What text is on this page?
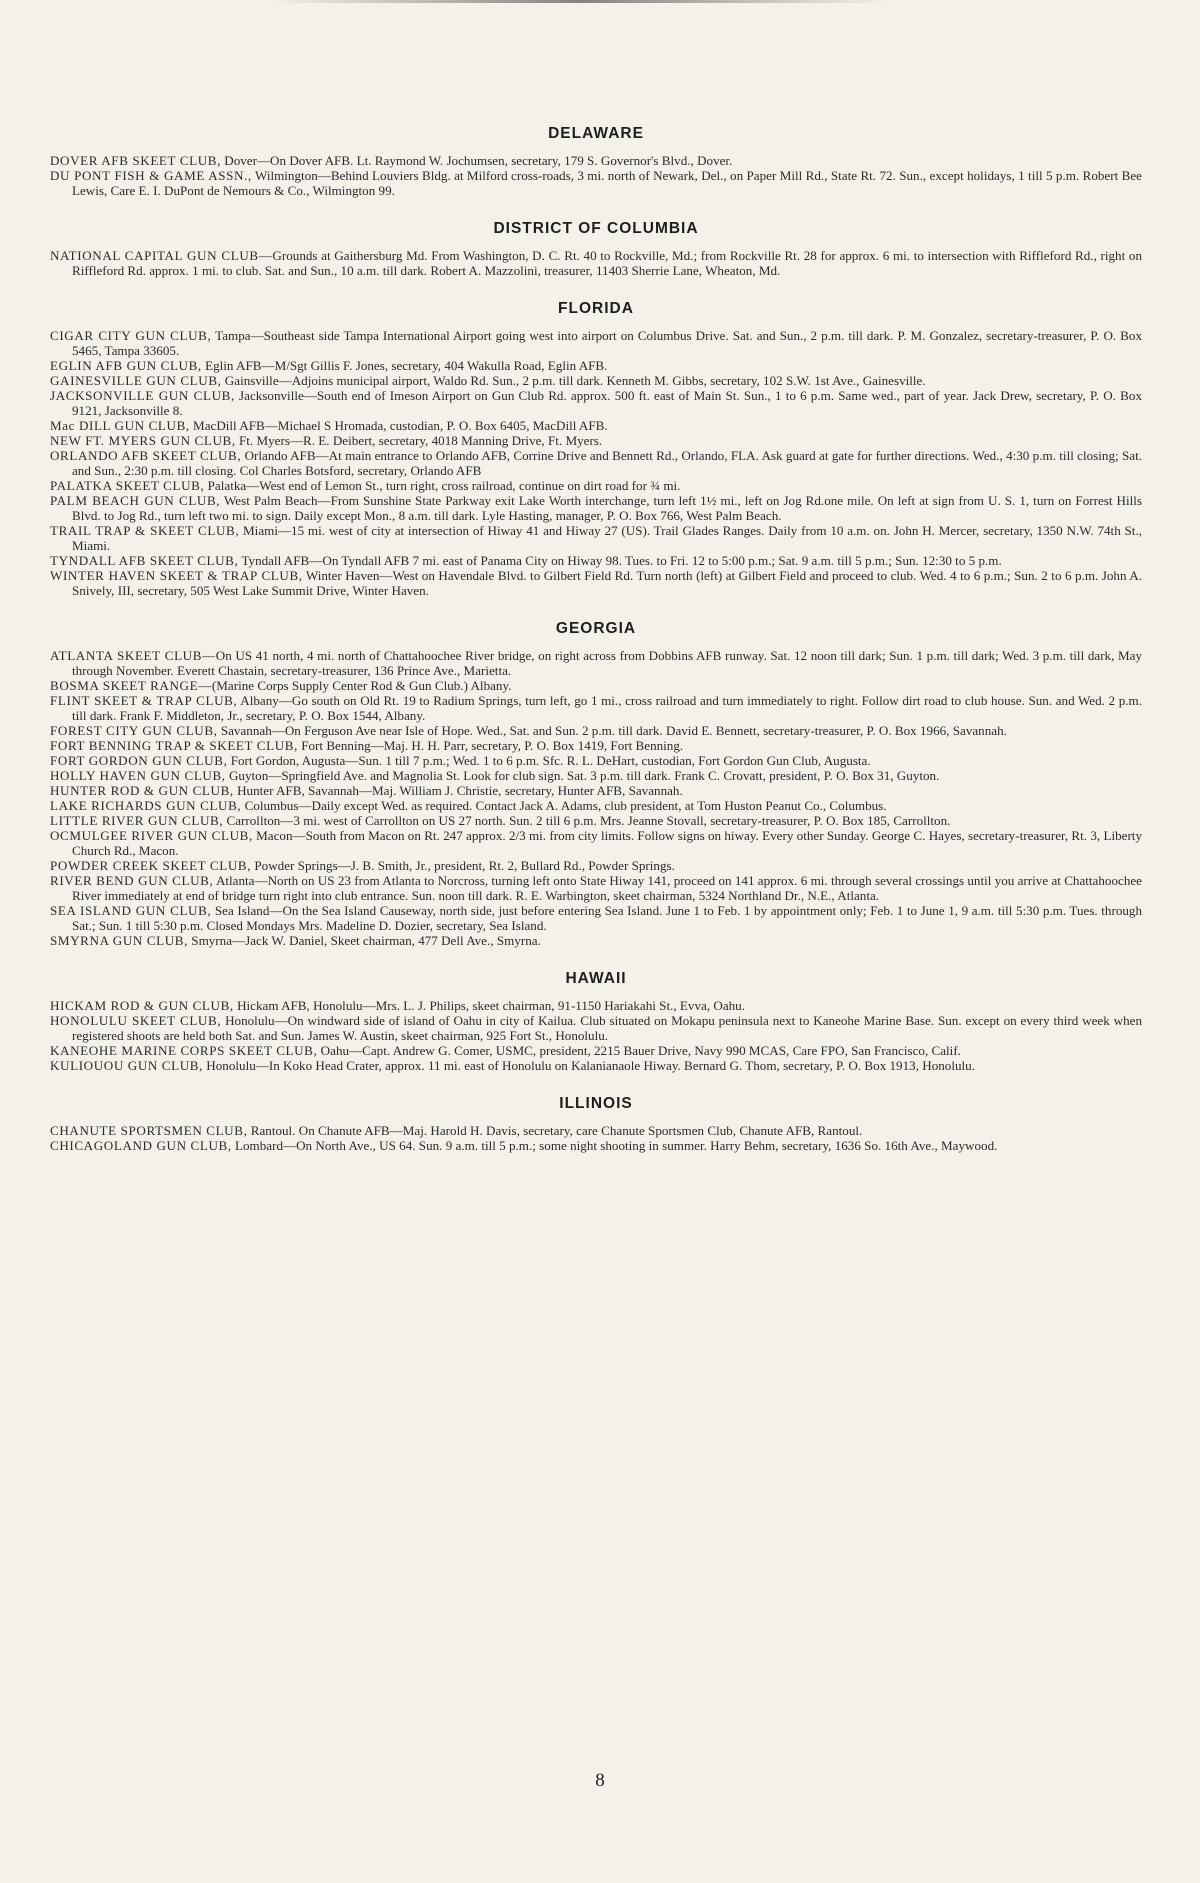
DELAWARE

DOVER AFB SKEET CLUB, Dover—On Dover AFB. Lt. Raymond W. Jochumsen, secretary, 179 S. Governor's Blvd., Dover.

DU PONT FISH & GAME ASSN., Wilmington—Behind Louviers Bldg. at Milford cross-roads, 3 mi. north of Newark, Del., on Paper Mill Rd., State Rt. 72. Sun., except holidays, 1 till 5 p.m. Robert Bee Lewis, Care E. I. DuPont de Nemours & Co., Wilmington 99.

DISTRICT OF COLUMBIA

NATIONAL CAPITAL GUN CLUB—Grounds at Gaithersburg Md. From Washington, D. C. Rt. 40 to Rockville, Md.; from Rockville Rt. 28 for approx. 6 mi. to intersection with Riffleford Rd., right on Riffleford Rd. approx. 1 mi. to club. Sat. and Sun., 10 a.m. till dark. Robert A. Mazzolini, treasurer, 11403 Sherrie Lane, Wheaton, Md.

FLORIDA

CIGAR CITY GUN CLUB, Tampa—Southeast side Tampa International Airport going west into airport on Columbus Drive. Sat. and Sun., 2 p.m. till dark. P. M. Gonzalez, secretary-treasurer, P. O. Box 5465, Tampa 33605.

EGLIN AFB GUN CLUB, Eglin AFB—M/Sgt Gillis F. Jones, secretary, 404 Wakulla Road, Eglin AFB.

GAINESVILLE GUN CLUB, Gainsville—Adjoins municipal airport, Waldo Rd. Sun., 2 p.m. till dark. Kenneth M. Gibbs, secretary, 102 S.W. 1st Ave., Gainesville.

JACKSONVILLE GUN CLUB, Jacksonville—South end of Imeson Airport on Gun Club Rd. approx. 500 ft. east of Main St. Sun., 1 to 6 p.m. Same wed., part of year. Jack Drew, secretary, P. O. Box 9121, Jacksonville 8.

Mac DILL GUN CLUB, MacDill AFB—Michael S Hromada, custodian, P. O. Box 6405, MacDill AFB.

NEW FT. MYERS GUN CLUB, Ft. Myers—R. E. Deibert, secretary, 4018 Manning Drive, Ft. Myers.

ORLANDO AFB SKEET CLUB, Orlando AFB—At main entrance to Orlando AFB, Corrine Drive and Bennett Rd., Orlando, FLA. Ask guard at gate for further directions. Wed., 4:30 p.m. till closing; Sat. and Sun., 2:30 p.m. till closing. Col Charles Botsford, secretary, Orlando AFB

PALATKA SKEET CLUB, Palatka—West end of Lemon St., turn right, cross railroad, continue on dirt road for ¾ mi.

PALM BEACH GUN CLUB, West Palm Beach—From Sunshine State Parkway exit Lake Worth interchange, turn left 1½ mi., left on Jog Rd.one mile. On left at sign from U. S. 1, turn on Forrest Hills Blvd. to Jog Rd., turn left two mi. to sign. Daily except Mon., 8 a.m. till dark. Lyle Hasting, manager, P. O. Box 766, West Palm Beach.

TRAIL TRAP & SKEET CLUB, Miami—15 mi. west of city at intersection of Hiway 41 and Hiway 27 (US). Trail Glades Ranges. Daily from 10 a.m. on. John H. Mercer, secretary, 1350 N.W. 74th St., Miami.

TYNDALL AFB SKEET CLUB, Tyndall AFB—On Tyndall AFB 7 mi. east of Panama City on Hiway 98. Tues. to Fri. 12 to 5:00 p.m.; Sat. 9 a.m. till 5 p.m.; Sun. 12:30 to 5 p.m.

WINTER HAVEN SKEET & TRAP CLUB, Winter Haven—West on Havendale Blvd. to Gilbert Field Rd. Turn north (left) at Gilbert Field and proceed to club. Wed. 4 to 6 p.m.; Sun. 2 to 6 p.m. John A. Snively, III, secretary, 505 West Lake Summit Drive, Winter Haven.

GEORGIA

ATLANTA SKEET CLUB—On US 41 north, 4 mi. north of Chattahoochee River bridge, on right across from Dobbins AFB runway. Sat. 12 noon till dark; Sun. 1 p.m. till dark; Wed. 3 p.m. till dark, May through November. Everett Chastain, secretary-treasurer, 136 Prince Ave., Marietta.

BOSMA SKEET RANGE—(Marine Corps Supply Center Rod & Gun Club.) Albany.

FLINT SKEET & TRAP CLUB, Albany—Go south on Old Rt. 19 to Radium Springs, turn left, go 1 mi., cross railroad and turn immediately to right. Follow dirt road to club house. Sun. and Wed. 2 p.m. till dark. Frank F. Middleton, Jr., secretary, P. O. Box 1544, Albany.

FOREST CITY GUN CLUB, Savannah—On Ferguson Ave near Isle of Hope. Wed., Sat. and Sun. 2 p.m. till dark. David E. Bennett, secretary-treasurer, P. O. Box 1966, Savannah.

FORT BENNING TRAP & SKEET CLUB, Fort Benning—Maj. H. H. Parr, secretary, P. O. Box 1419, Fort Benning.

FORT GORDON GUN CLUB, Fort Gordon, Augusta—Sun. 1 till 7 p.m.; Wed. 1 to 6 p.m. Sfc. R. L. DeHart, custodian, Fort Gordon Gun Club, Augusta.

HOLLY HAVEN GUN CLUB, Guyton—Springfield Ave. and Magnolia St. Look for club sign. Sat. 3 p.m. till dark. Frank C. Crovatt, president, P. O. Box 31, Guyton.

HUNTER ROD & GUN CLUB, Hunter AFB, Savannah—Maj. William J. Christie, secretary, Hunter AFB, Savannah.

LAKE RICHARDS GUN CLUB, Columbus—Daily except Wed. as required. Contact Jack A. Adams, club president, at Tom Huston Peanut Co., Columbus.

LITTLE RIVER GUN CLUB, Carrollton—3 mi. west of Carrollton on US 27 north. Sun. 2 till 6 p.m. Mrs. Jeanne Stovall, secretary-treasurer, P. O. Box 185, Carrollton.

OCMULGEE RIVER GUN CLUB, Macon—South from Macon on Rt. 247 approx. 2/3 mi. from city limits. Follow signs on hiway. Every other Sunday. George C. Hayes, secretary-treasurer, Rt. 3, Liberty Church Rd., Macon.

POWDER CREEK SKEET CLUB, Powder Springs—J. B. Smith, Jr., president, Rt. 2, Bullard Rd., Powder Springs.

RIVER BEND GUN CLUB, Atlanta—North on US 23 from Atlanta to Norcross, turning left onto State Hiway 141, proceed on 141 approx. 6 mi. through several crossings until you arrive at Chattahoochee River immediately at end of bridge turn right into club entrance. Sun. noon till dark. R. E. Warbington, skeet chairman, 5324 Northland Dr., N.E., Atlanta.

SEA ISLAND GUN CLUB, Sea Island—On the Sea Island Causeway, north side, just before entering Sea Island. June 1 to Feb. 1 by appointment only; Feb. 1 to June 1, 9 a.m. till 5:30 p.m. Tues. through Sat.; Sun. 1 till 5:30 p.m. Closed Mondays Mrs. Madeline D. Dozier, secretary, Sea Island.

SMYRNA GUN CLUB, Smyrna—Jack W. Daniel, Skeet chairman, 477 Dell Ave., Smyrna.

HAWAII

HICKAM ROD & GUN CLUB, Hickam AFB, Honolulu—Mrs. L. J. Philips, skeet chairman, 91-1150 Hariakahi St., Evva, Oahu.

HONOLULU SKEET CLUB, Honolulu—On windward side of island of Oahu in city of Kailua. Club situated on Mokapu peninsula next to Kaneohe Marine Base. Sun. except on every third week when registered shoots are held both Sat. and Sun. James W. Austin, skeet chairman, 925 Fort St., Honolulu.

KANEOHE MARINE CORPS SKEET CLUB, Oahu—Capt. Andrew G. Comer, USMC, president, 2215 Bauer Drive, Navy 990 MCAS, Care FPO, San Francisco, Calif.

KULIOUOU GUN CLUB, Honolulu—In Koko Head Crater, approx. 11 mi. east of Honolulu on Kalanianaole Hiway. Bernard G. Thom, secretary, P. O. Box 1913, Honolulu.

ILLINOIS

CHANUTE SPORTSMEN CLUB, Rantoul. On Chanute AFB—Maj. Harold H. Davis, secretary, care Chanute Sportsmen Club, Chanute AFB, Rantoul.

CHICAGOLAND GUN CLUB, Lombard—On North Ave., US 64. Sun. 9 a.m. till 5 p.m.; some night shooting in summer. Harry Behm, secretary, 1636 So. 16th Ave., Maywood.

8
